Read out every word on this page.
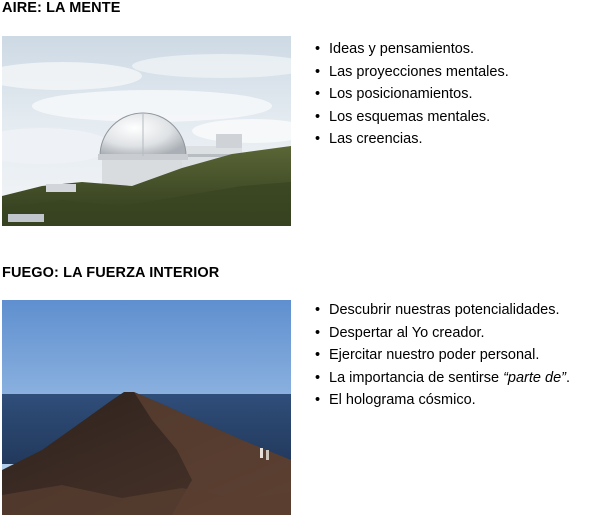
AIRE: LA MENTE
• Ideas y pensamientos.
• Las proyecciones mentales.
• Los posicionamientos.
• Los esquemas mentales.
• Las creencias.
FUEGO: LA FUERZA INTERIOR
• Descubrir nuestras potencialidades.
• Despertar al Yo creador.
• Ejercitar nuestro poder personal.
• La importancia de sentirse “parte de”.
• El holograma cósmico.
